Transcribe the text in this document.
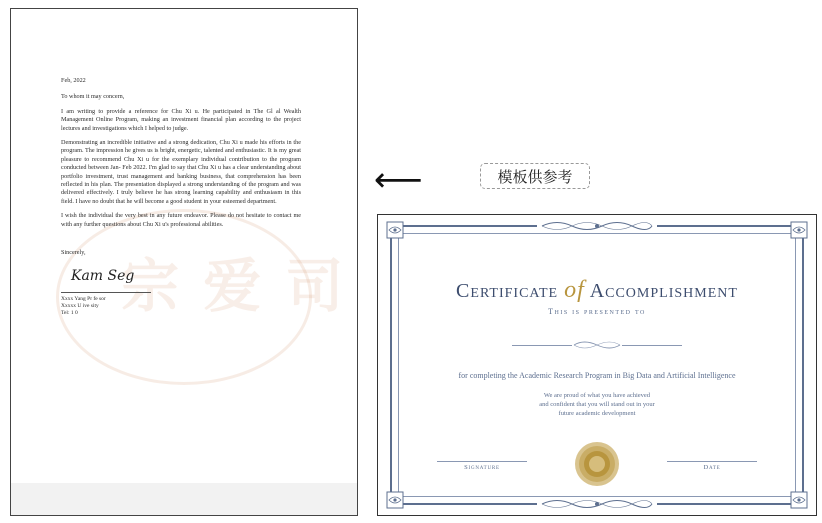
宗 爱 司

Feb, 2022

To whom it may concern,

I am writing to provide a reference for Chu Xi u. He participated in The Gl al Wealth Management Online Program, making an investment financial plan according to the project lectures and investigations which I helped to judge.

Demonstrating an incredible initiative and a strong dedication, Chu Xi u made his efforts in the program. The impression he gives us is bright, energetic, talented and enthusiastic. It is my great pleasure to recommend Chu Xi u for the exemplary individual contribution to the program conducted between Jan- Feb 2022. I'm glad to say that Chu Xi u has a clear understanding about portfolio investment, trust management and banking business, that comprehension has been reflected in his plan. The presentation displayed a strong understanding of the program and was delivered effectively. I truly believe he has strong learning capability and enthusiasm in this field. I have no doubt that he will become a good student in your esteemed department.

I wish the individual the very best in any future endeavor. Please do not hesitate to contact me with any further questions about Chu Xi u's professional abilities.

Sincerely,

Kam Seg
Xxxx Yang Pr fe sor
Xxxxx U ive sity
Tel: 1 0
⟵	模板供参考
Certificate of Accomplishment
This is presented to
for completing the Academic Research Program in Big Data and Artificial Intelligence
We are proud of what you have achieved
and confident that you will stand out in your
future academic development
Signature	Date
